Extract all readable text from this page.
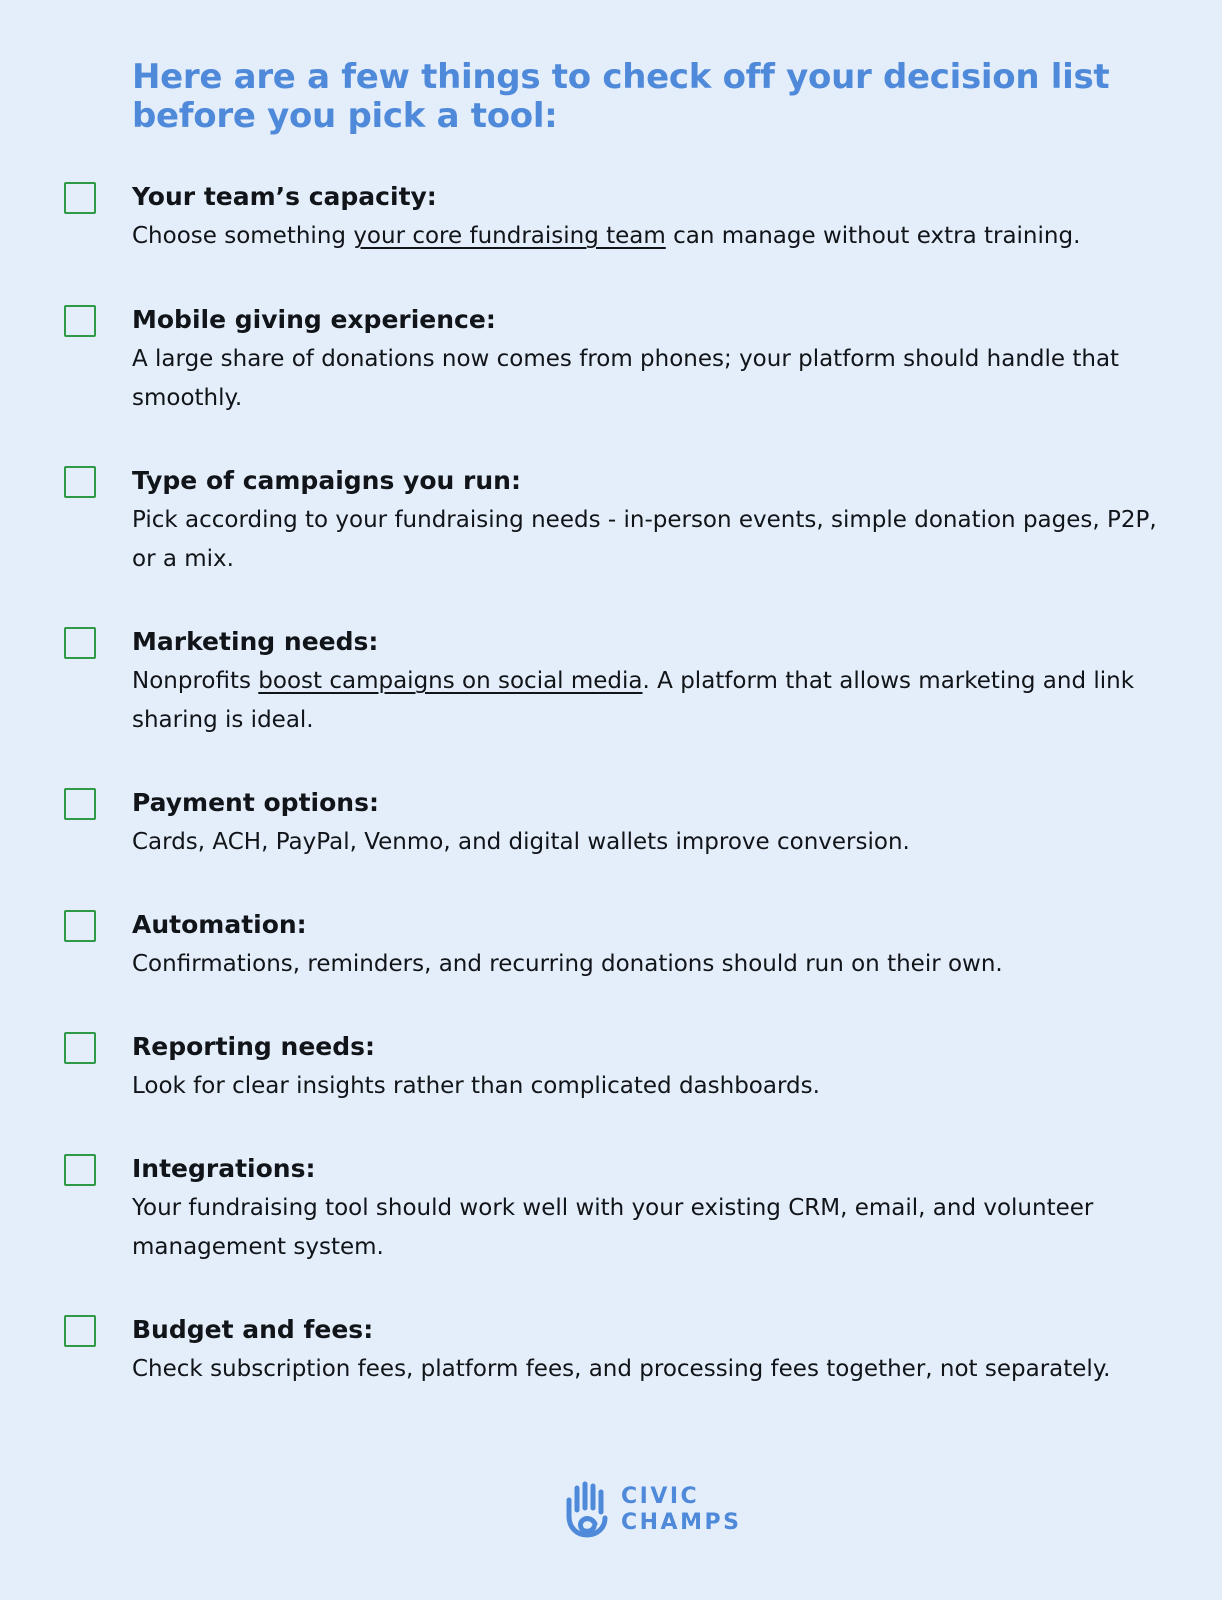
Here are a few things to check off your decision list before you pick a tool:
Your team’s capacity:

Choose something your core fundraising team can manage without extra training.

Mobile giving experience:

A large share of donations now comes from phones; your platform should handle that smoothly.

Type of campaigns you run:

Pick according to your fundraising needs - in-person events, simple donation pages, P2P, or a mix.

Marketing needs:

Nonprofits boost campaigns on social media. A platform that allows marketing and link sharing is ideal.

Payment options:

Cards, ACH, PayPal, Venmo, and digital wallets improve conversion.

Automation:

Confirmations, reminders, and recurring donations should run on their own.

Reporting needs:

Look for clear insights rather than complicated dashboards.

Integrations:

Your fundraising tool should work well with your existing CRM, email, and volunteer management system.

Budget and fees:

Check subscription fees, platform fees, and processing fees together, not separately.

CIVIC
CHAMPS
